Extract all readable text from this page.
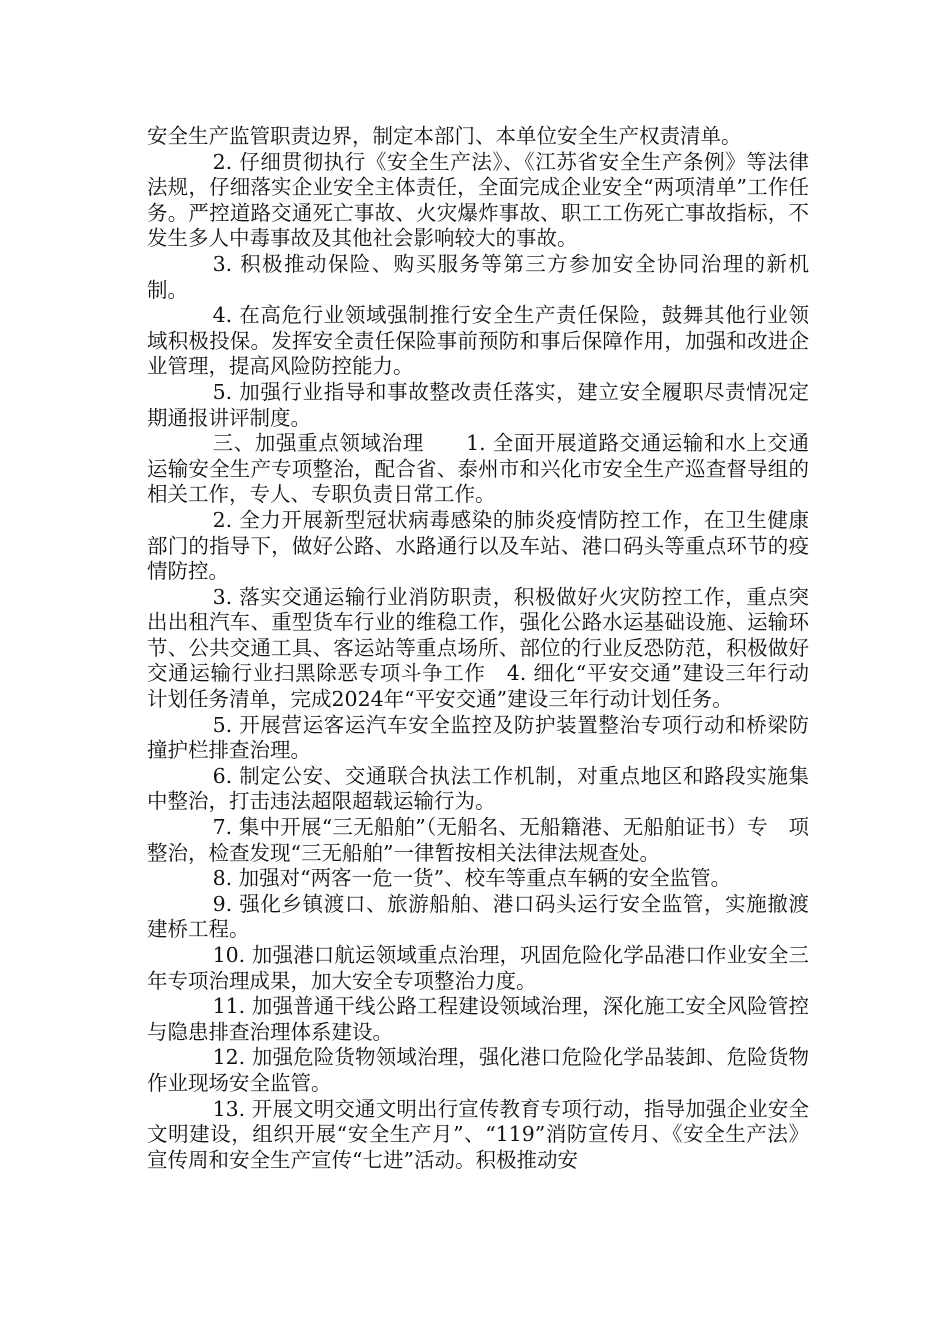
安全生产监管职责边界，制定本部门、本单位安全生产权责清单。

2. 仔细贯彻执行《安全生产法》、《江苏省安全生产条例》等法律法规，仔细落实企业安全主体责任，全面完成企业安全“两项清单”工作任务。严控道路交通死亡事故、火灾爆炸事故、职工工伤死亡事故指标，不发生多人中毒事故及其他社会影响较大的事故。

3. 积极推动保险、购买服务等第三方参加安全协同治理的新机制。

4. 在高危行业领域强制推行安全生产责任保险，鼓舞其他行业领域积极投保。发挥安全责任保险事前预防和事后保障作用，加强和改进企业管理，提高风险防控能力。

5. 加强行业指导和事故整改责任落实，建立安全履职尽责情况定期通报讲评制度。

三、加强重点领域治理　　1. 全面开展道路交通运输和水上交通运输安全生产专项整治，配合省、泰州市和兴化市安全生产巡查督导组的相关工作，专人、专职负责日常工作。

2. 全力开展新型冠状病毒感染的肺炎疫情防控工作，在卫生健康部门的指导下，做好公路、水路通行以及车站、港口码头等重点环节的疫情防控。

3. 落实交通运输行业消防职责，积极做好火灾防控工作，重点突出出租汽车、重型货车行业的维稳工作，强化公路水运基础设施、运输环节、公共交通工具、客运站等重点场所、部位的行业反恐防范，积极做好交通运输行业扫黑除恶专项斗争工作　4. 细化“平安交通”建设三年行动计划任务清单，完成2024年“平安交通”建设三年行动计划任务。

5. 开展营运客运汽车安全监控及防护装置整治专项行动和桥梁防撞护栏排查治理。

6. 制定公安、交通联合执法工作机制，对重点地区和路段实施集中整治，打击违法超限超载运输行为。

7. 集中开展“三无船舶”（无船名、无船籍港、无船舶证书）专　项整治，检查发现“三无船舶”一律暂按相关法律法规查处。

8. 加强对“两客一危一货”、校车等重点车辆的安全监管。

9. 强化乡镇渡口、旅游船舶、港口码头运行安全监管，实施撤渡建桥工程。

10. 加强港口航运领域重点治理，巩固危险化学品港口作业安全三年专项治理成果，加大安全专项整治力度。

11. 加强普通干线公路工程建设领域治理，深化施工安全风险管控与隐患排查治理体系建设。

12. 加强危险货物领域治理，强化港口危险化学品装卸、危险货物作业现场安全监管。

13. 开展文明交通文明出行宣传教育专项行动，指导加强企业安全文明建设，组织开展“安全生产月”、“119”消防宣传月、《安全生产法》宣传周和安全生产宣传“七进”活动。积极推动安
